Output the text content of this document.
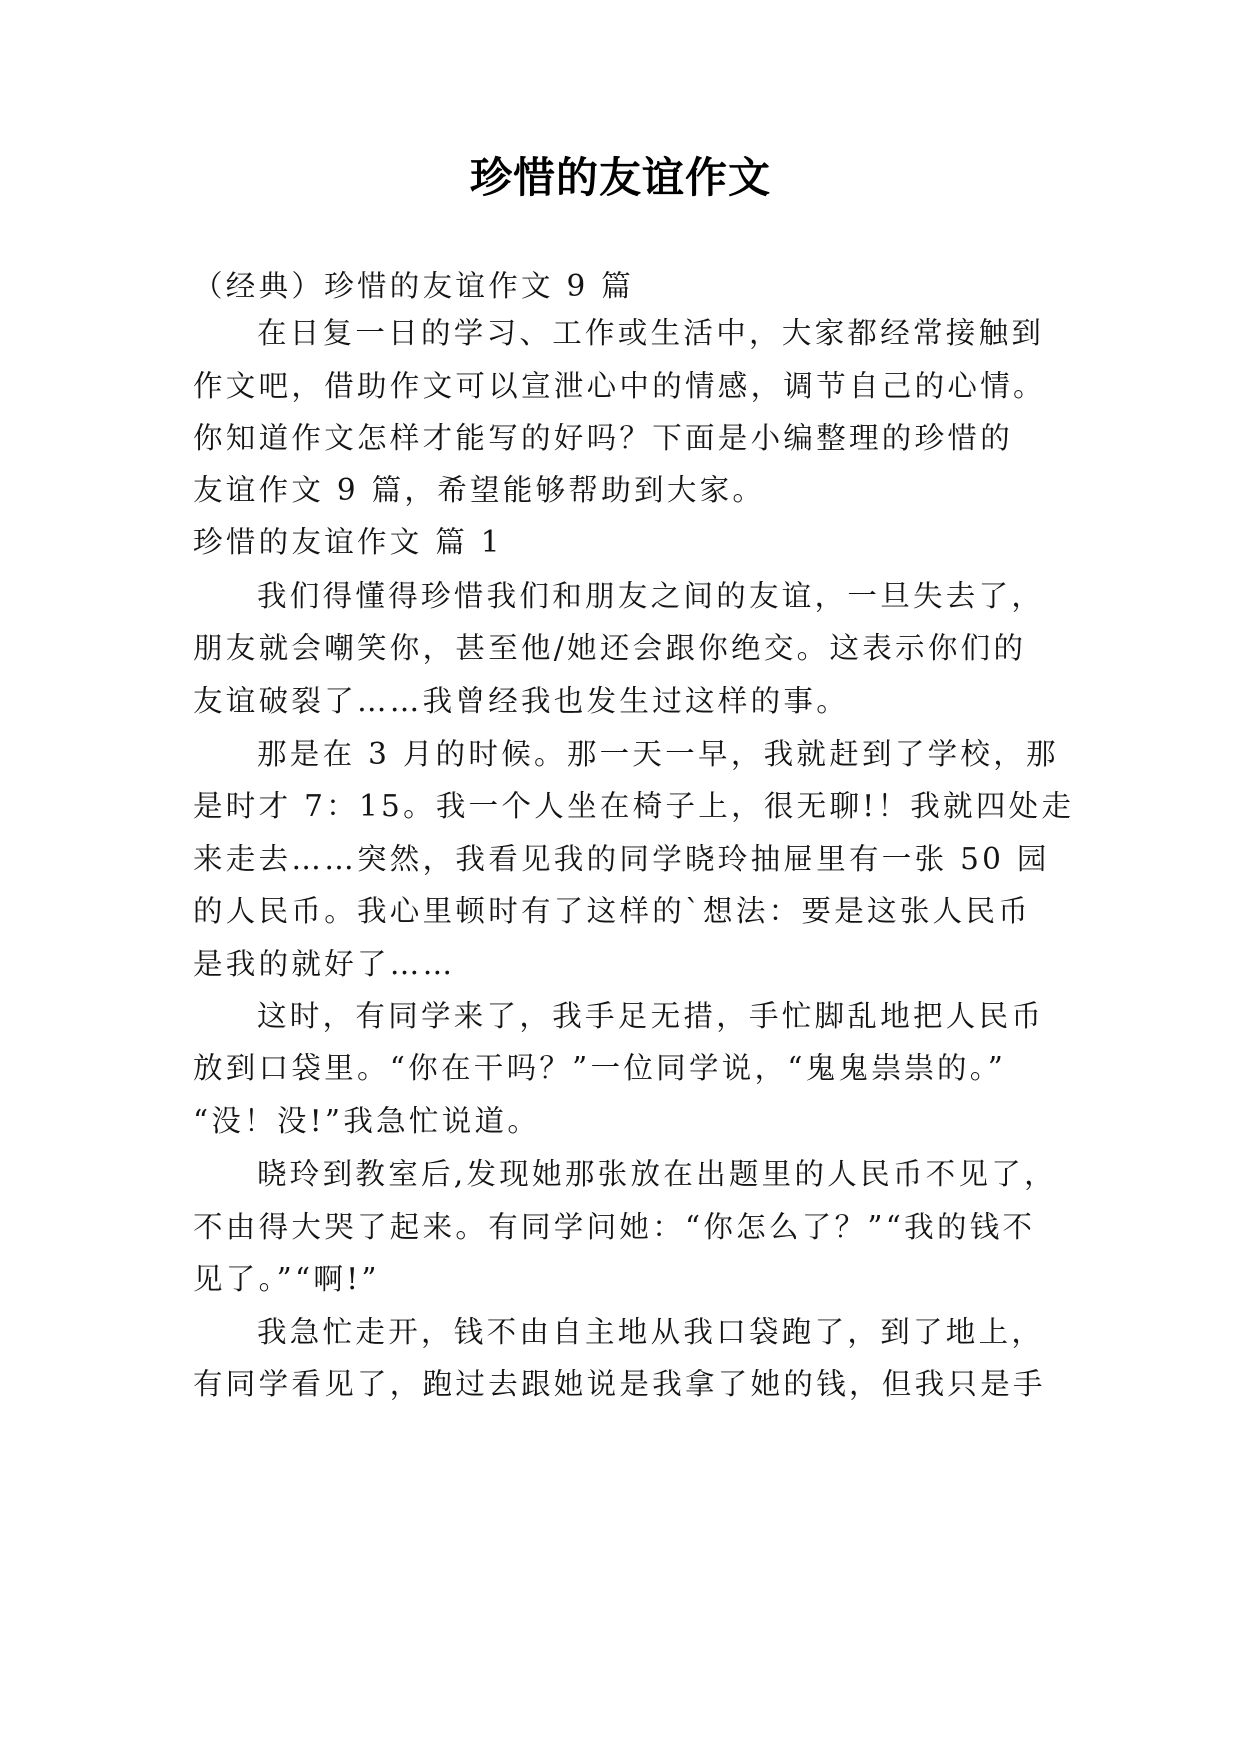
珍惜的友谊作文
（经典）珍惜的友谊作文 9 篇
在日复一日的学习、工作或生活中，大家都经常接触到
作文吧，借助作文可以宣泄心中的情感，调节自己的心情。
你知道作文怎样才能写的好吗？下面是小编整理的珍惜的
友谊作文 9 篇，希望能够帮助到大家。
珍惜的友谊作文 篇 1
我们得懂得珍惜我们和朋友之间的友谊，一旦失去了，
朋友就会嘲笑你，甚至他/她还会跟你绝交。这表示你们的
友谊破裂了……我曾经我也发生过这样的事。
那是在 3 月的时候。那一天一早，我就赶到了学校，那
是时才 7：15。我一个人坐在椅子上，很无聊!！我就四处走
来走去……突然，我看见我的同学晓玲抽屉里有一张 50 园
的人民币。我心里顿时有了这样的`想法：要是这张人民币
是我的就好了……
这时，有同学来了，我手足无措，手忙脚乱地把人民币
放到口袋里。“你在干吗？”一位同学说，“鬼鬼祟祟的。”
“没！没!”我急忙说道。
晓玲到教室后,发现她那张放在出题里的人民币不见了，
不由得大哭了起来。有同学问她：“你怎么了？”“我的钱不
见了。”“啊!”
我急忙走开，钱不由自主地从我口袋跑了，到了地上，
有同学看见了，跑过去跟她说是我拿了她的钱，但我只是手
